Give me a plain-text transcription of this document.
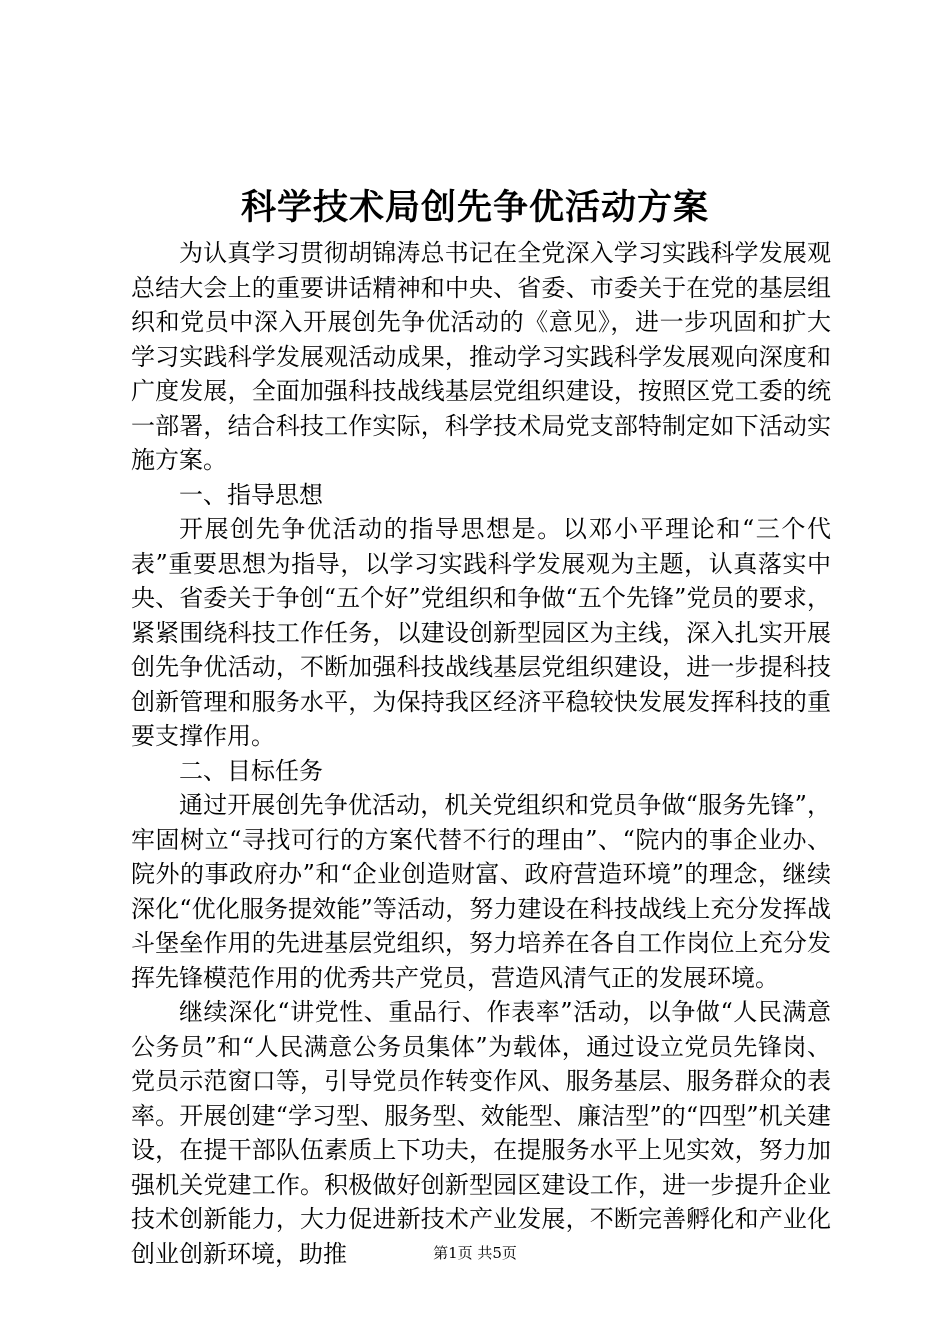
科学技术局创先争优活动方案

为认真学习贯彻胡锦涛总书记在全党深入学习实践科学发展观总结大会上的重要讲话精神和中央、省委、市委关于在党的基层组织和党员中深入开展创先争优活动的《意见》，进一步巩固和扩大学习实践科学发展观活动成果，推动学习实践科学发展观向深度和广度发展，全面加强科技战线基层党组织建设，按照区党工委的统一部署，结合科技工作实际，科学技术局党支部特制定如下活动实施方案。

一、指导思想

开展创先争优活动的指导思想是。以邓小平理论和“三个代表”重要思想为指导，以学习实践科学发展观为主题，认真落实中央、省委关于争创“五个好”党组织和争做“五个先锋”党员的要求，紧紧围绕科技工作任务，以建设创新型园区为主线，深入扎实开展创先争优活动，不断加强科技战线基层党组织建设，进一步提科技创新管理和服务水平，为保持我区经济平稳较快发展发挥科技的重要支撑作用。

二、目标任务

通过开展创先争优活动，机关党组织和党员争做“服务先锋”，牢固树立“寻找可行的方案代替不行的理由”、“院内的事企业办、院外的事政府办”和“企业创造财富、政府营造环境”的理念，继续深化“优化服务提效能”等活动，努力建设在科技战线上充分发挥战斗堡垒作用的先进基层党组织，努力培养在各自工作岗位上充分发挥先锋模范作用的优秀共产党员，营造风清气正的发展环境。

继续深化“讲党性、重品行、作表率”活动，以争做“人民满意公务员”和“人民满意公务员集体”为载体，通过设立党员先锋岗、党员示范窗口等，引导党员作转变作风、服务基层、服务群众的表率。开展创建“学习型、服务型、效能型、廉洁型”的“四型”机关建设，在提干部队伍素质上下功夫，在提服务水平上见实效，努力加强机关党建工作。积极做好创新型园区建设工作，进一步提升企业技术创新能力，大力促进新技术产业发展，不断完善孵化和产业化创业创新环境，助推	第1页 共5页
